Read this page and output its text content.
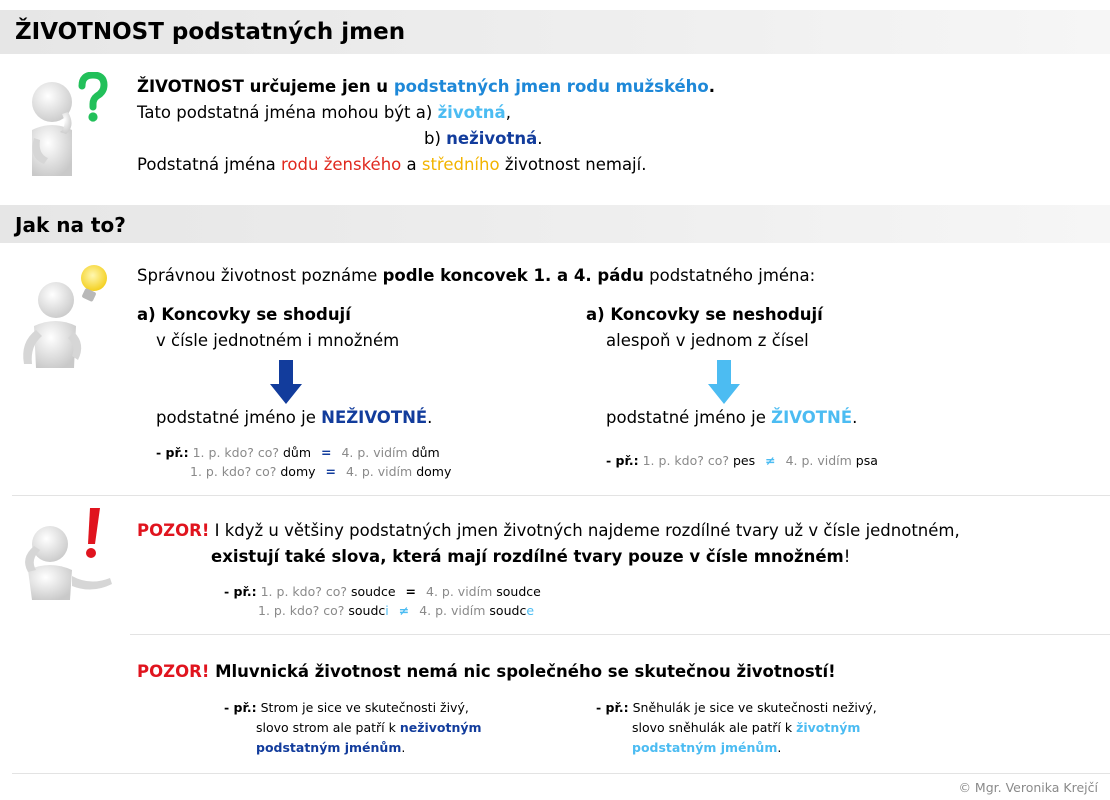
ŽIVOTNOST podstatných jmen
ŽIVOTNOST určujeme jen u podstatných jmen rodu mužského.
Tato podstatná jména mohou být a) životná,
b) neživotná.
Podstatná jména rodu ženského a středního životnost nemají.
Jak na to?
Správnou životnost poznáme podle koncovek 1. a 4. pádu podstatného jména:
a) Koncovky se shodují
v čísle jednotném i množném
podstatné jméno je NEŽIVOTNÉ.
- př.: 1. p. kdo? co? dům = 4. p. vidím dům
1. p. kdo? co? domy = 4. p. vidím domy
a) Koncovky se neshodují
alespoň v jednom z čísel
podstatné jméno je ŽIVOTNÉ.
- př.: 1. p. kdo? co? pes ≠ 4. p. vidím psa
POZOR! I když u většiny podstatných jmen životných najdeme rozdílné tvary už v čísle jednotném,
existují také slova, která mají rozdílné tvary pouze v čísle množném!
- př.: 1. p. kdo? co? soudce = 4. p. vidím soudce
1. p. kdo? co? soudci ≠ 4. p. vidím soudce
POZOR! Mluvnická životnost nemá nic společného se skutečnou životností!
- př.: Strom je sice ve skutečnosti živý,
slovo strom ale patří k neživotným
podstatným jménům.
- př.: Sněhulák je sice ve skutečnosti neživý,
slovo sněhulák ale patří k životným
podstatným jménům.
© Mgr. Veronika Krejčí
